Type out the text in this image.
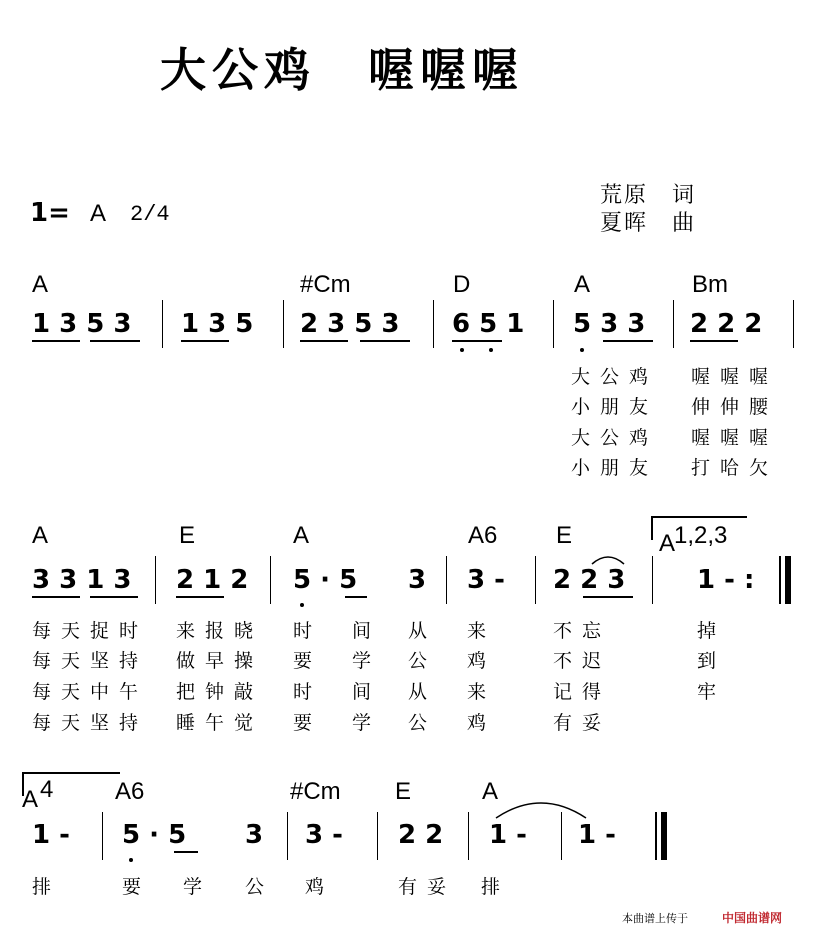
大公鸡　喔喔喔
1= A 2/4
荒原　词
夏晖　曲
A	#Cm	D	A	Bm
1 3 5 3 1 3 5 2 3 5 3 6 5 1 5 3 3 2 2 2
大公鸡 喔喔喔
小朋友 伸伸腰
大公鸡 喔喔喔
小朋友 打哈欠
A	E	A	A6 E	A
1,2,3
3 3 1 3 2 1 2 5 · 5 3 3 - 2 2 3	1 - :
每天捉时 来报晓 时 间 从 来	不忘	掉
每天坚持 做早操 要 学 公 鸡	不迟	到
每天中午 把钟敲 时 间 从 来	记得	牢
每天坚持 睡午觉 要 学 公 鸡	有妥
A 4	A6	#Cm E	A
1 - 5 · 5 3 3 - 2 2 1 - 1 -
排	要 学 公 鸡	有妥 排
本曲谱上传于	中国曲谱网
